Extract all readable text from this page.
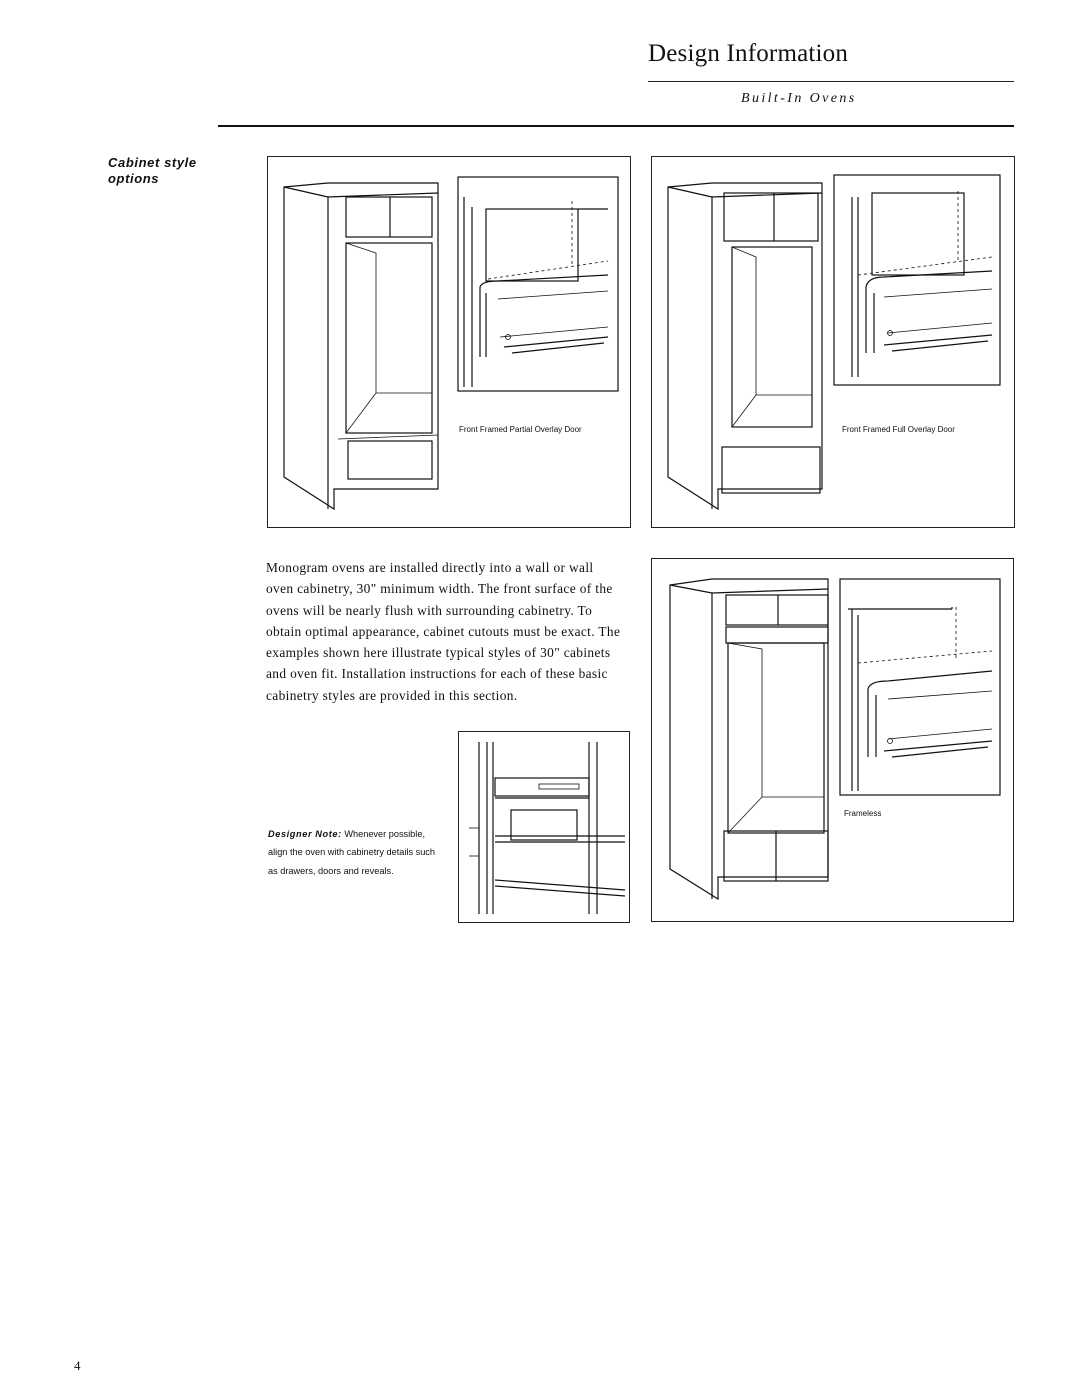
Design Information
Built-In Ovens
Cabinet style options
Front Framed Partial Overlay Door	Front Framed Full Overlay Door
Monogram ovens are installed directly into a wall or wall oven cabinetry, 30" minimum width. The front surface of the ovens will be nearly flush with surrounding cabinetry. To obtain optimal appearance, cabinet cutouts must be exact. The examples shown here illustrate typical styles of 30" cabinets and oven fit. Installation instructions for each of these basic cabinetry styles are provided in this section.
Designer Note: Whenever possible, align the oven with cabinetry details such as drawers, doors and reveals.
Frameless
4
